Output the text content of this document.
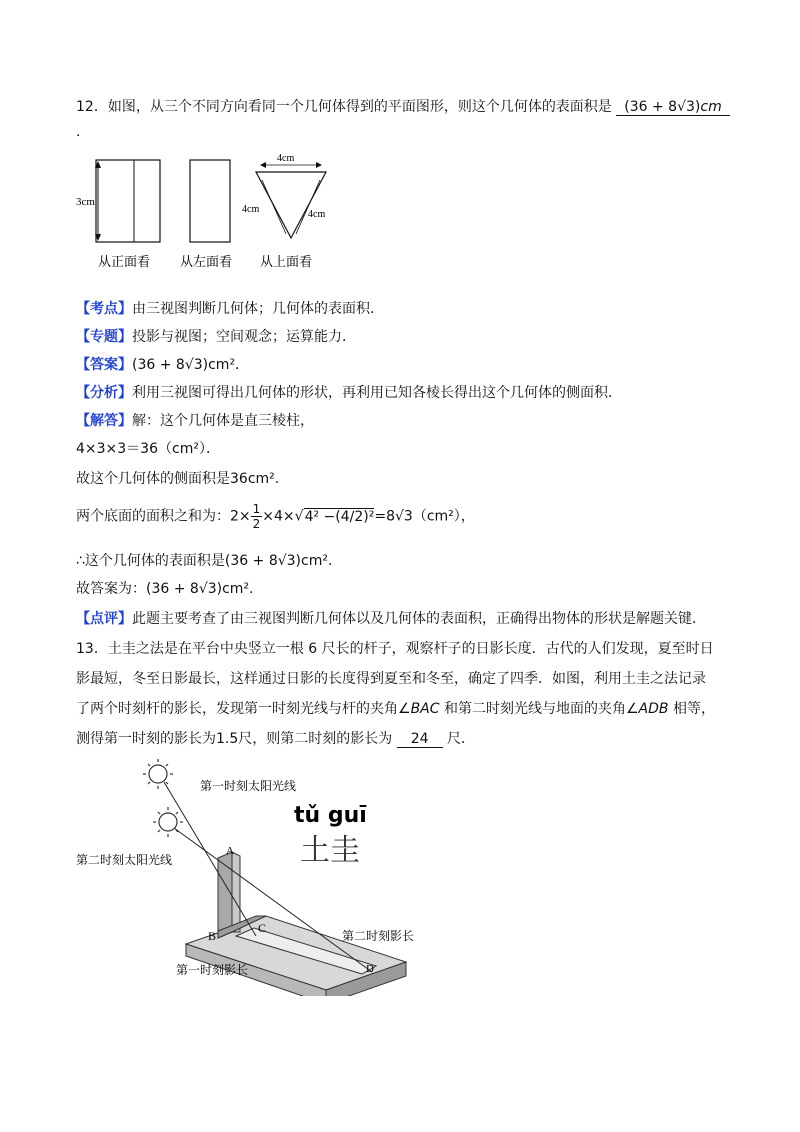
12．如图，从三个不同方向看同一个几何体得到的平面图形，则这个几何体的表面积是 (36 + 8√3)cm
.
3cm
4cm
4cm	4cm
从正面看 从左面看 从上面看
【考点】由三视图判断几何体；几何体的表面积．
【专题】投影与视图；空间观念；运算能力．
【答案】(36 + 8√3)cm²．
【分析】利用三视图可得出几何体的形状，再利用已知各棱长得出这个几何体的侧面积．
【解答】解：这个几何体是直三棱柱，
4×3×3＝36（cm²）．
故这个几何体的侧面积是36cm².
两个底面的面积之和为：$2\times \frac{1}{2} \times 4\times√4^2 -(4/2)^2=8√3(cm^2)$，
∴这个几何体的表面积是(36 + 8√3)cm².
故答案为：(36 + 8√3)cm².
【点评】此题主要考查了由三视图判断几何体以及几何体的表面积，正确得出物体的形状是解题关键．
13．土圭之法是在平台中央竖立一根 6 尺长的杆子，观察杆子的日影长度．古代的人们发现，夏至时日
影最短，冬至日影最长，这样通过日影的长度得到夏至和冬至，确定了四季．如图，利用土圭之法记录
了两个时刻杆的影长，发现第一时刻光线与杆的夹角∠BAC 和第二时刻光线与地面的夹角∠ADB 相等，
测得第一时刻的影长为1.5尺，则第二时刻的影长为 24 尺．
A
B
C
D
第一时刻太阳光线
第二时刻太阳光线
第二时刻影长
第一时刻影长
tǔ guī
土圭
